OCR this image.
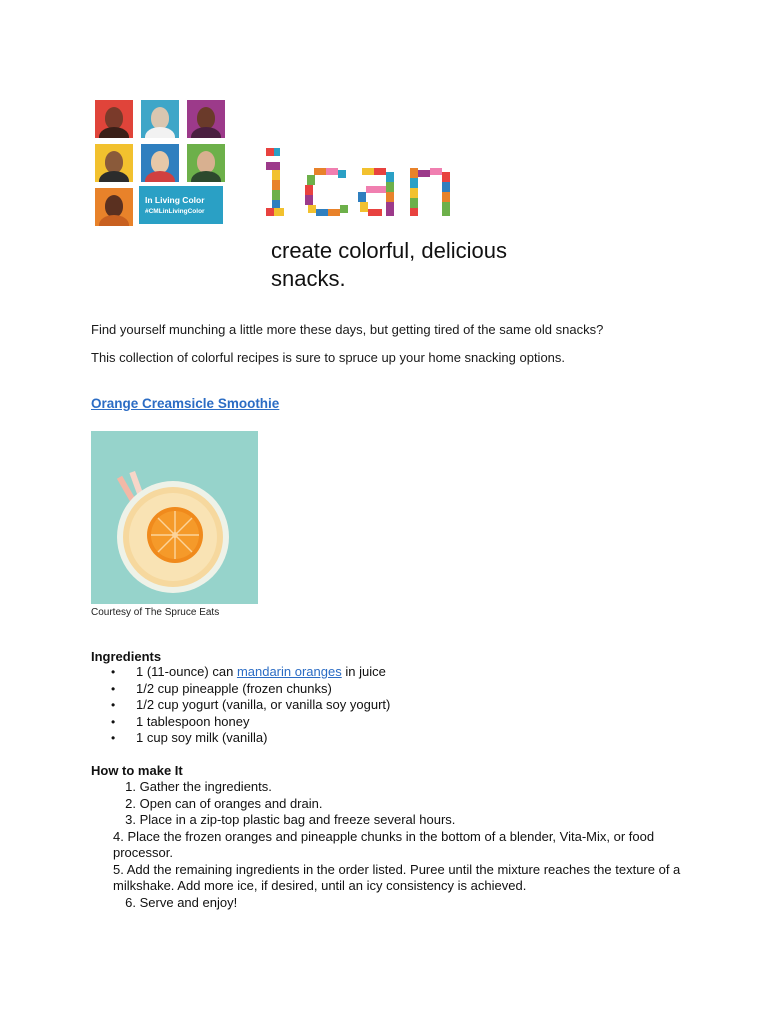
In Living Color
#CMLinLivingColor
create colorful, delicious
snacks.
Find yourself munching a little more these days, but getting tired of the same old snacks?
This collection of colorful recipes is sure to spruce up your home snacking options.
Orange Creamsicle Smoothie
Courtesy of The Spruce Eats
Ingredients
• 1 (11-ounce) can mandarin oranges in juice
• 1/2 cup pineapple (frozen chunks)
• 1/2 cup yogurt (vanilla, or vanilla soy yogurt)
• 1 tablespoon honey
• 1 cup soy milk (vanilla)
How to make It
1. Gather the ingredients.
2. Open can of oranges and drain.
3. Place in a zip-top plastic bag and freeze several hours.
4. Place the frozen oranges and pineapple chunks in the bottom of a blender, Vita-Mix, or food processor.
5. Add the remaining ingredients in the order listed. Puree until the mixture reaches the texture of a milkshake. Add more ice, if desired, until an icy consistency is achieved.
6. Serve and enjoy!
